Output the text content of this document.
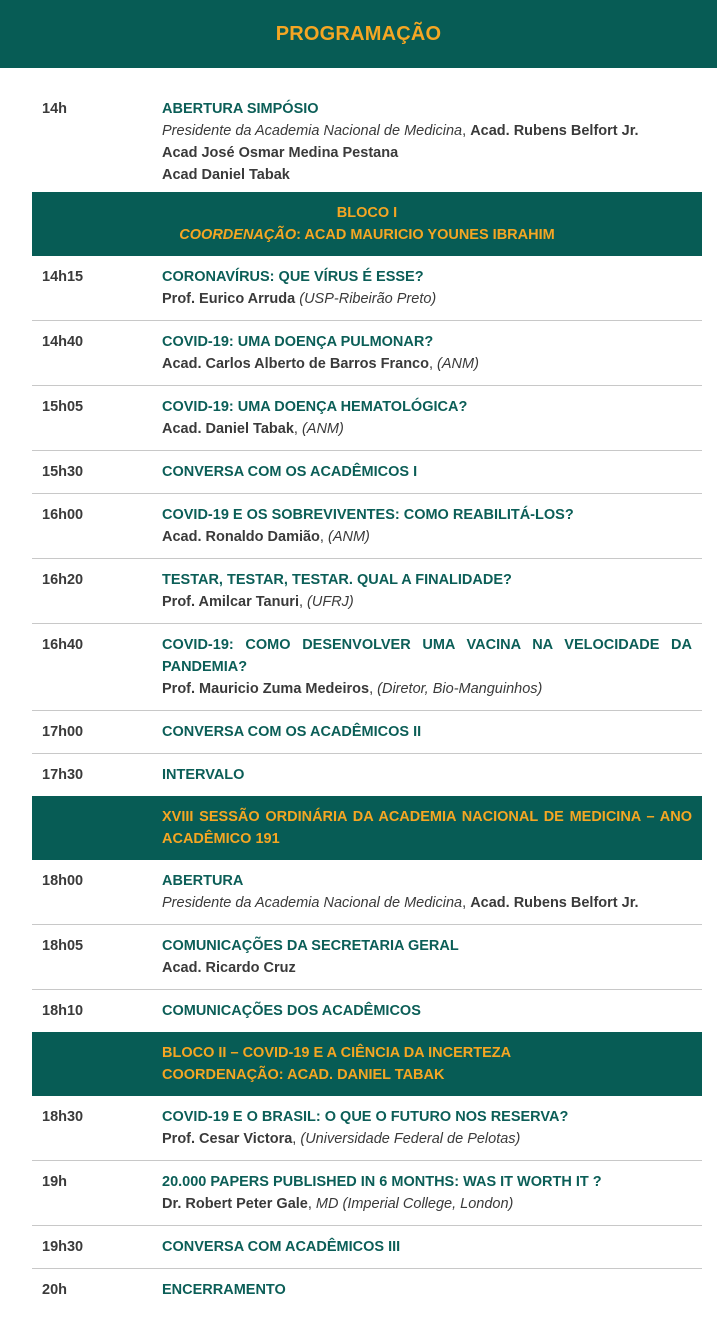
PROGRAMAÇÃO
14h	ABERTURA SIMPÓSIO
Presidente da Academia Nacional de Medicina, Acad. Rubens Belfort Jr.
Acad José Osmar Medina Pestana
Acad Daniel Tabak
BLOCO I
COORDENAÇÃO: ACAD MAURICIO YOUNES IBRAHIM
14h15	CORONAVÍRUS: QUE VÍRUS É ESSE?
Prof. Eurico Arruda (USP-Ribeirão Preto)
14h40	COVID-19: UMA DOENÇA PULMONAR?
Acad. Carlos Alberto de Barros Franco, (ANM)
15h05	COVID-19: UMA DOENÇA HEMATOLÓGICA?
Acad. Daniel Tabak, (ANM)
15h30	CONVERSA COM OS ACADÊMICOS I
16h00	COVID-19 E OS SOBREVIVENTES: COMO REABILITÁ-LOS?
Acad. Ronaldo Damião, (ANM)
16h20	TESTAR, TESTAR, TESTAR. QUAL A FINALIDADE?
Prof. Amilcar Tanuri, (UFRJ)
16h40	COVID-19: COMO DESENVOLVER UMA VACINA NA VELOCIDADE DA PANDEMIA?
Prof. Mauricio Zuma Medeiros, (Diretor, Bio-Manguinhos)
17h00	CONVERSA COM OS ACADÊMICOS II
17h30	INTERVALO
XVIII SESSÃO ORDINÁRIA DA ACADEMIA NACIONAL DE MEDICINA – ANO ACADÊMICO 191
18h00	ABERTURA
Presidente da Academia Nacional de Medicina, Acad. Rubens Belfort Jr.
18h05	COMUNICAÇÕES DA SECRETARIA GERAL
Acad. Ricardo Cruz
18h10	COMUNICAÇÕES DOS ACADÊMICOS
BLOCO II – COVID-19 E A CIÊNCIA DA INCERTEZA
COORDENAÇÃO: ACAD. DANIEL TABAK
18h30	COVID-19 E O BRASIL: O QUE O FUTURO NOS RESERVA?
Prof. Cesar Victora, (Universidade Federal de Pelotas)
19h	20.000 PAPERS PUBLISHED IN 6 MONTHS: WAS IT WORTH IT ?
Dr. Robert Peter Gale, MD (Imperial College, London)
19h30	CONVERSA COM ACADÊMICOS III
20h	ENCERRAMENTO
